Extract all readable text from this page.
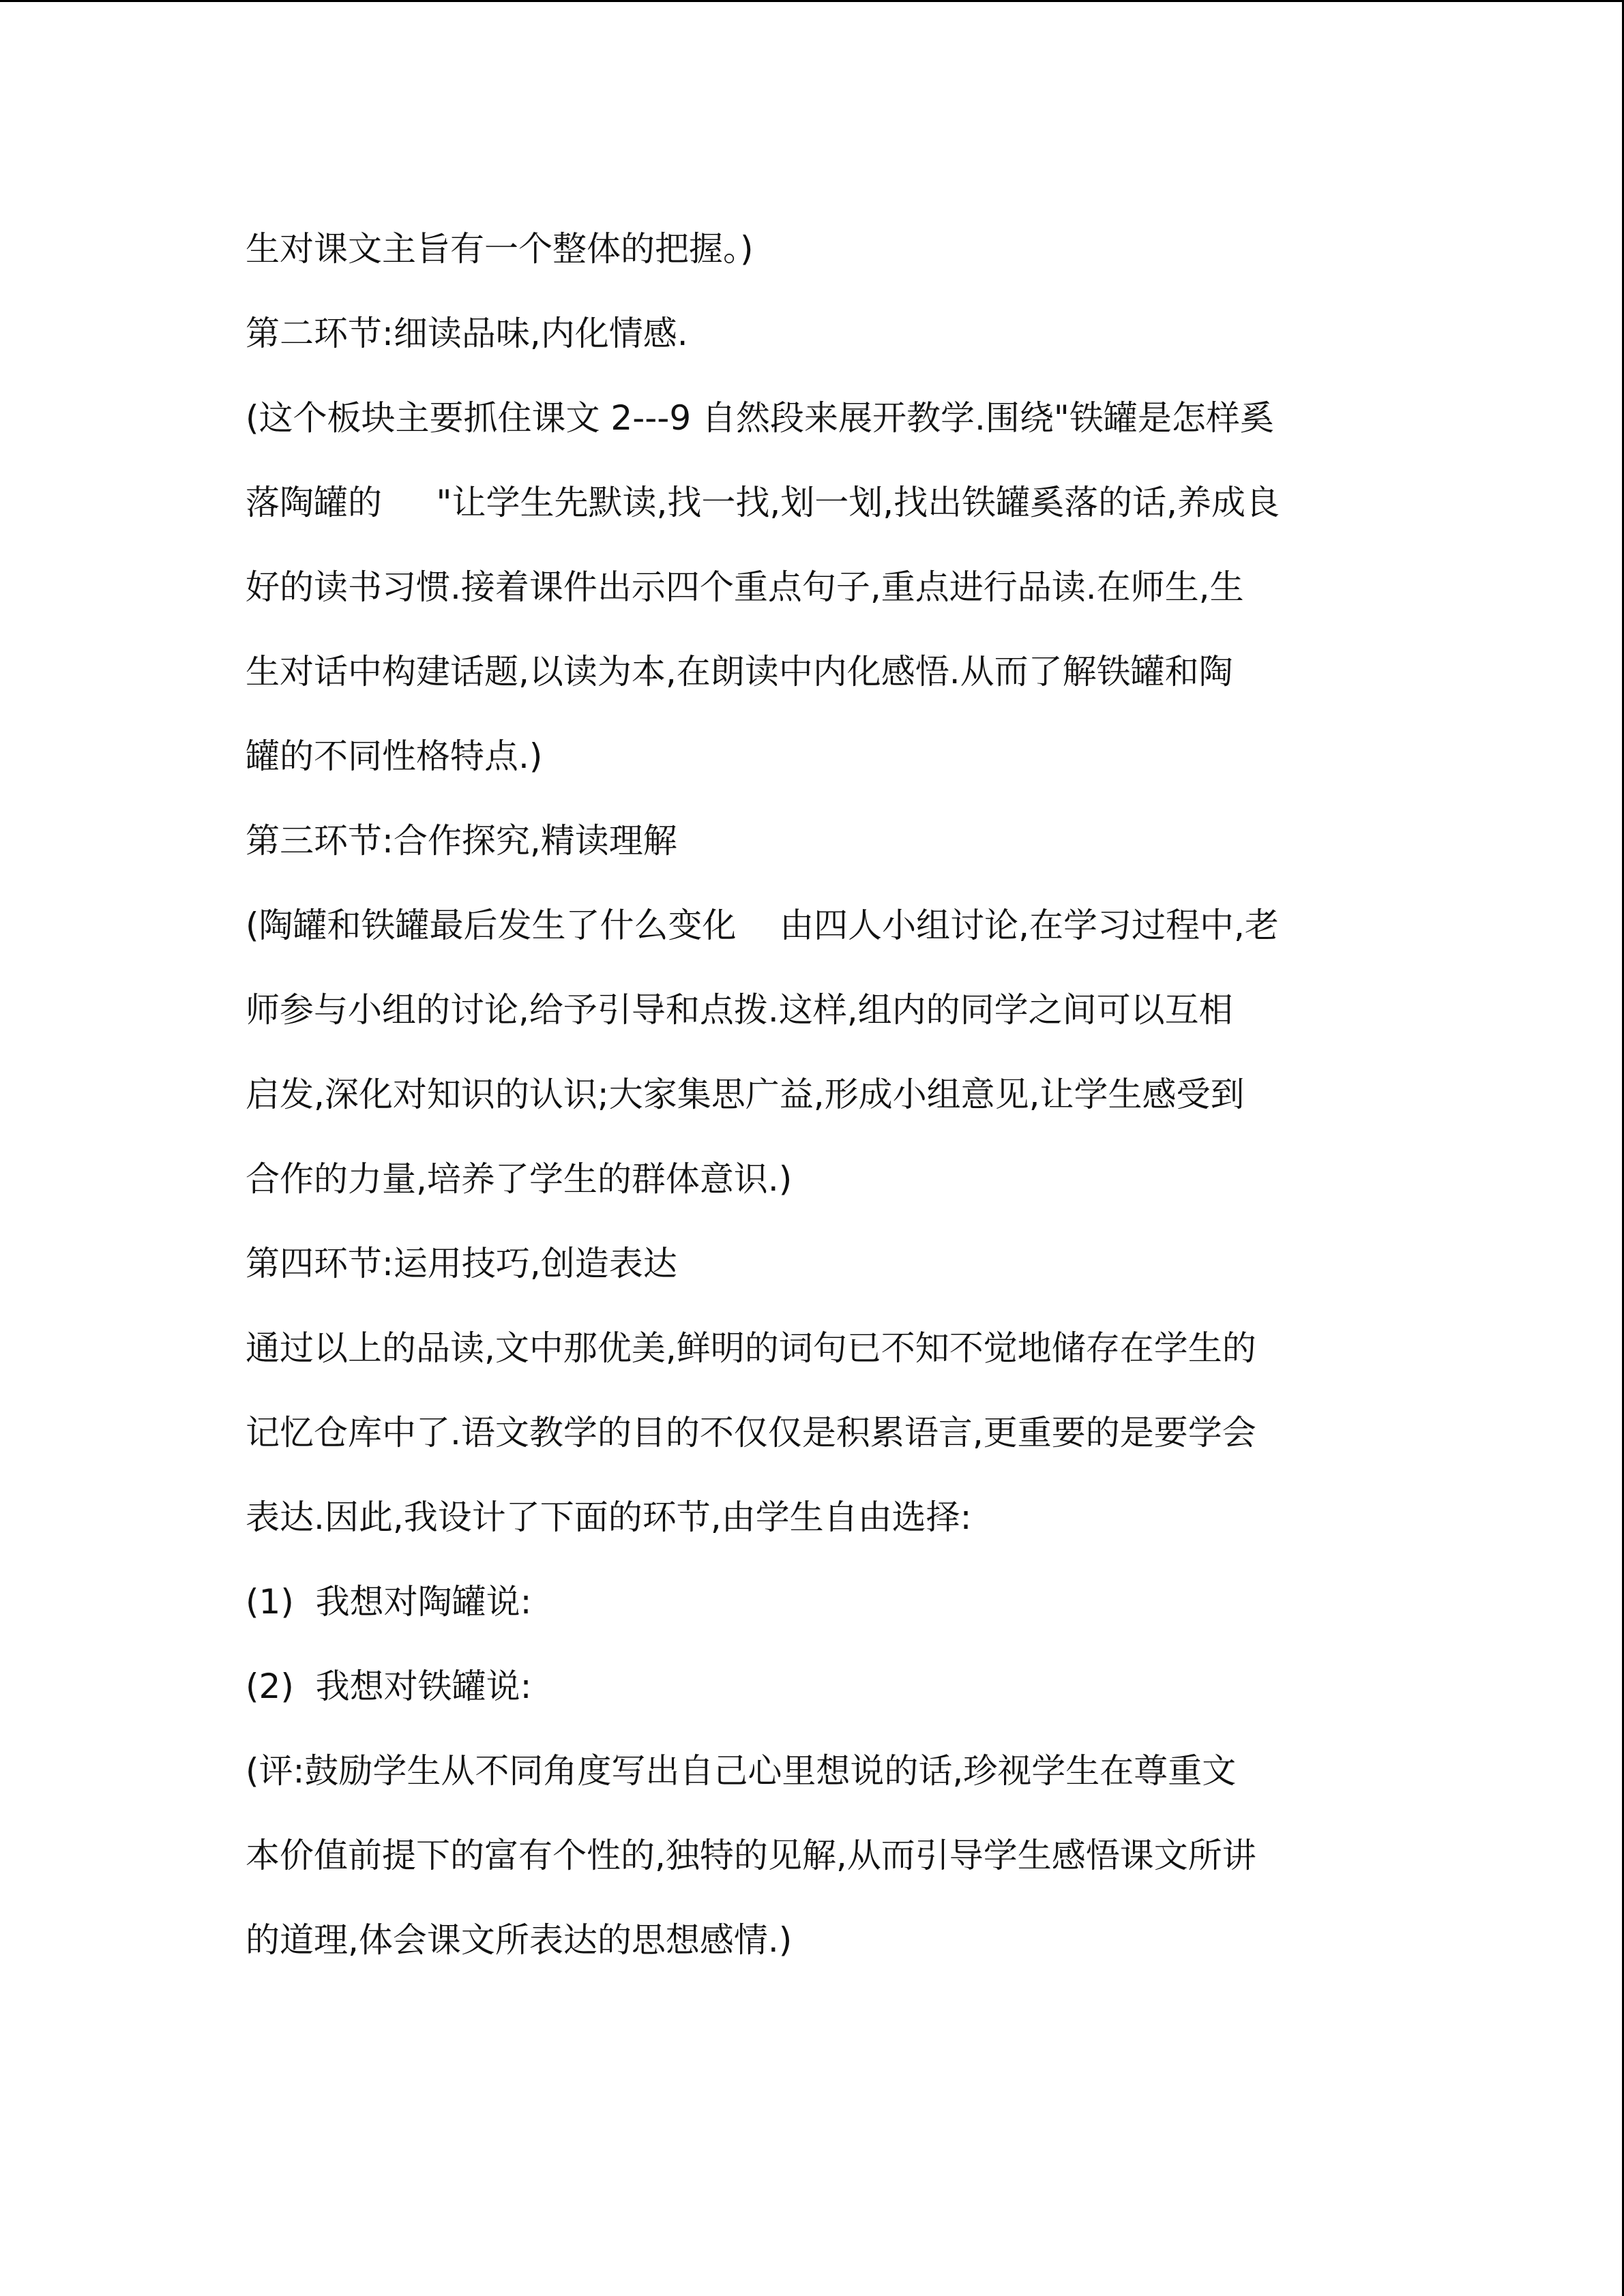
生对课文主旨有一个整体的把握。)

第二环节:细读品味,内化情感.

(这个板块主要抓住课文 2---9 自然段来展开教学.围绕"铁罐是怎样奚

落陶罐的     "让学生先默读,找一找,划一划,找出铁罐奚落的话,养成良

好的读书习惯.接着课件出示四个重点句子,重点进行品读.在师生,生

生对话中构建话题,以读为本,在朗读中内化感悟.从而了解铁罐和陶

罐的不同性格特点.)

第三环节:合作探究,精读理解

(陶罐和铁罐最后发生了什么变化    由四人小组讨论,在学习过程中,老

师参与小组的讨论,给予引导和点拨.这样,组内的同学之间可以互相

启发,深化对知识的认识;大家集思广益,形成小组意见,让学生感受到

合作的力量,培养了学生的群体意识.)

第四环节:运用技巧,创造表达

通过以上的品读,文中那优美,鲜明的词句已不知不觉地储存在学生的

记忆仓库中了.语文教学的目的不仅仅是积累语言,更重要的是要学会

表达.因此,我设计了下面的环节,由学生自由选择:

(1)  我想对陶罐说:

(2)  我想对铁罐说:

(评:鼓励学生从不同角度写出自己心里想说的话,珍视学生在尊重文

本价值前提下的富有个性的,独特的见解,从而引导学生感悟课文所讲

的道理,体会课文所表达的思想感情.)
